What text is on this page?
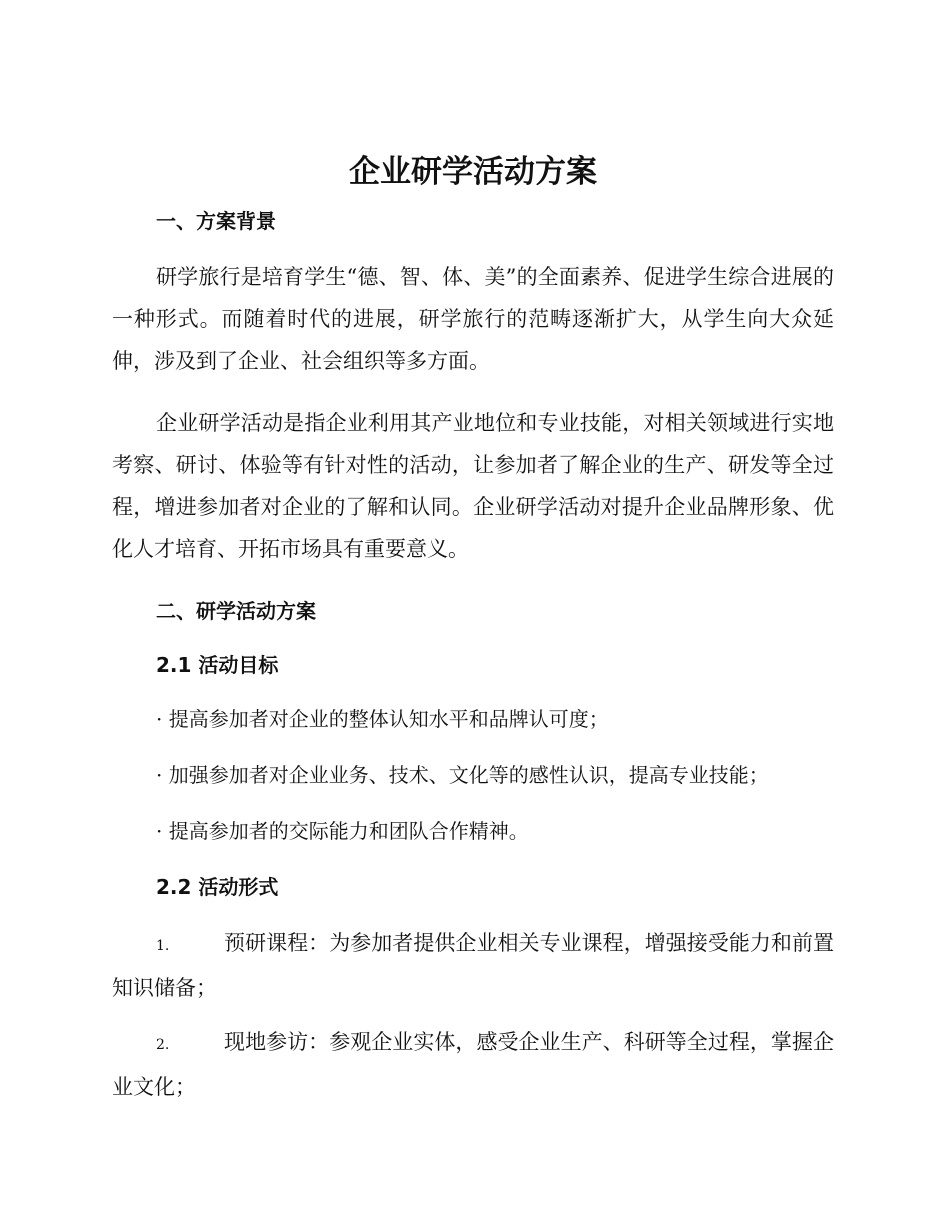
企业研学活动方案
一、方案背景

研学旅行是培育学生“德、智、体、美”的全面素养、促进学生综合进展的一种形式。而随着时代的进展，研学旅行的范畴逐渐扩大，从学生向大众延伸，涉及到了企业、社会组织等多方面。

企业研学活动是指企业利用其产业地位和专业技能，对相关领域进行实地考察、研讨、体验等有针对性的活动，让参加者了解企业的生产、研发等全过程，增进参加者对企业的了解和认同。企业研学活动对提升企业品牌形象、优化人才培育、开拓市场具有重要意义。

二、研学活动方案
2.1 活动目标

· 提高参加者对企业的整体认知水平和品牌认可度；

· 加强参加者对企业业务、技术、文化等的感性认识，提高专业技能；

· 提高参加者的交际能力和团队合作精神。

2.2 活动形式

1.	预研课程：为参加者提供企业相关专业课程，增强接受能力和前置知识储备；

2.	现地参访：参观企业实体，感受企业生产、科研等全过程，掌握企业文化；
